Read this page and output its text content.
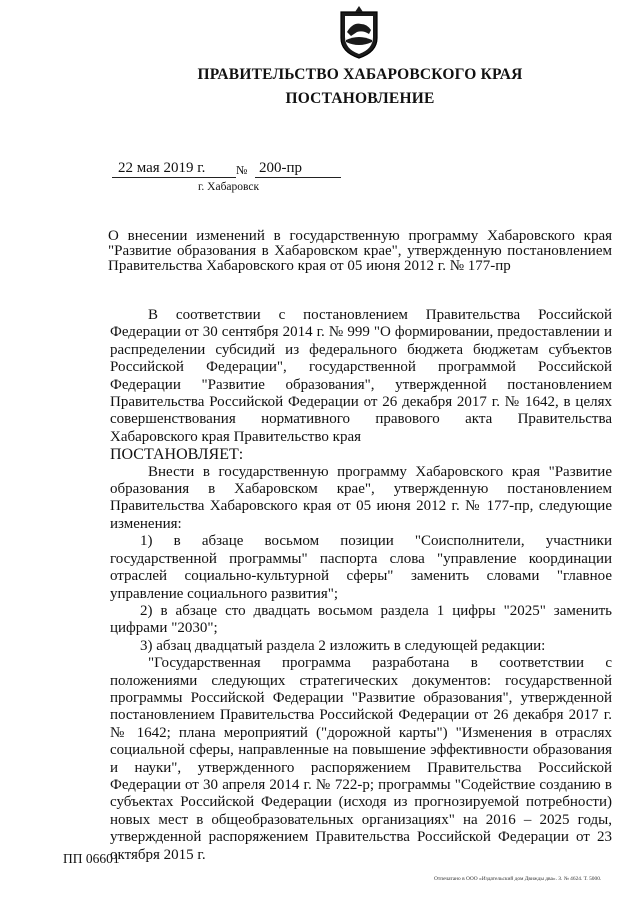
ПРАВИТЕЛЬСТВО ХАБАРОВСКОГО КРАЯ
ПОСТАНОВЛЕНИЕ
22 мая 2019 г.	№ 200-пр
г. Хабаровск
О внесении изменений в государственную программу Хабаровского края "Развитие образования в Хабаровском крае", утвержденную постановлением Правительства Хабаровского края от 05 июня 2012 г. № 177-пр

В соответствии с постановлением Правительства Российской Федерации от 30 сентября 2014 г. № 999 "О формировании, предоставлении и распределении субсидий из федерального бюджета бюджетам субъектов Российской Федерации", государственной программой Российской Федерации "Развитие образования", утвержденной постановлением Правительства Российской Федерации от 26 декабря 2017 г. № 1642, в целях совершенствования нормативного правового акта Правительства Хабаровского края Правительство края

ПОСТАНОВЛЯЕТ:

Внести в государственную программу Хабаровского края "Развитие образования в Хабаровском крае", утвержденную постановлением Правительства Хабаровского края от 05 июня 2012 г. № 177-пр, следующие изменения:

1) в абзаце восьмом позиции "Соисполнители, участники государственной программы" паспорта слова "управление координации отраслей социально-культурной сферы" заменить словами "главное управление социального развития";

2) в абзаце сто двадцать восьмом раздела 1 цифры "2025" заменить цифрами "2030";

3) абзац двадцатый раздела 2 изложить в следующей редакции:

"Государственная программа разработана в соответствии с положениями следующих стратегических документов: государственной программы Российской Федерации "Развитие образования", утвержденной постановлением Правительства Российской Федерации от 26 декабря 2017 г. № 1642; плана мероприятий ("дорожной карты") "Изменения в отраслях социальной сферы, направленные на повышение эффективности образования и науки", утвержденного распоряжением Правительства Российской Федерации от 30 апреля 2014 г. № 722-р; программы "Содействие созданию в субъектах Российской Федерации (исходя из прогнозируемой потребности) новых мест в общеобразовательных организациях" на 2016 – 2025 годы, утвержденной распоряжением Правительства Российской Федерации от 23 октября 2015 г.

ПП 06601
Отпечатано в ООО «Издательский дом Движды два». З. № 4624. Т. 5000.
